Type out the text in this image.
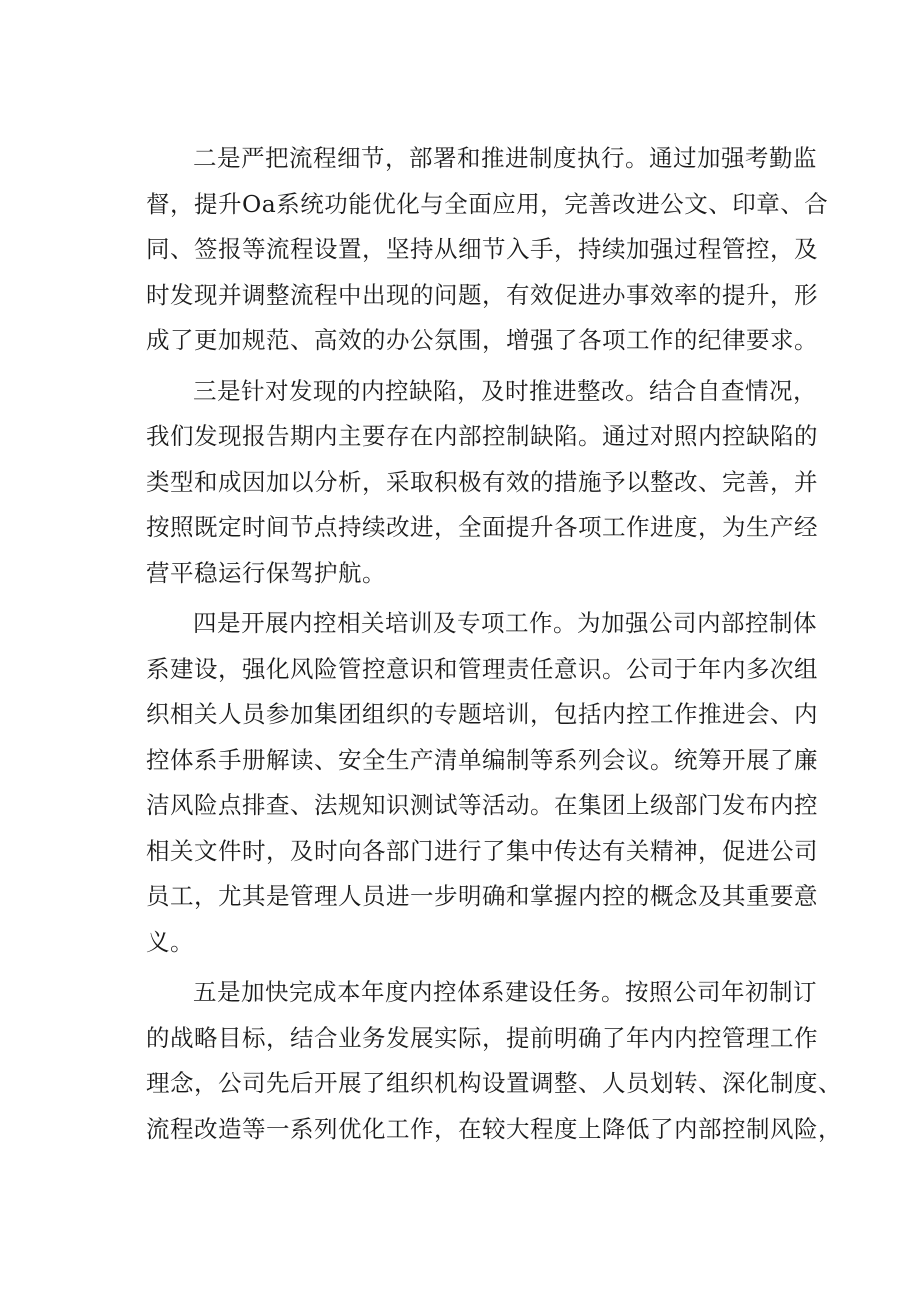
二是严把流程细节，部署和推进制度执行。通过加强考勤监
督，提升Oa系统功能优化与全面应用，完善改进公文、印章、合
同、签报等流程设置，坚持从细节入手，持续加强过程管控，及
时发现并调整流程中出现的问题，有效促进办事效率的提升，形
成了更加规范、高效的办公氛围，增强了各项工作的纪律要求。
三是针对发现的内控缺陷，及时推进整改。结合自查情况，
我们发现报告期内主要存在内部控制缺陷。通过对照内控缺陷的
类型和成因加以分析，采取积极有效的措施予以整改、完善，并
按照既定时间节点持续改进，全面提升各项工作进度，为生产经
营平稳运行保驾护航。
四是开展内控相关培训及专项工作。为加强公司内部控制体
系建设，强化风险管控意识和管理责任意识。公司于年内多次组
织相关人员参加集团组织的专题培训，包括内控工作推进会、内
控体系手册解读、安全生产清单编制等系列会议。统筹开展了廉
洁风险点排查、法规知识测试等活动。在集团上级部门发布内控
相关文件时，及时向各部门进行了集中传达有关精神，促进公司
员工，尤其是管理人员进一步明确和掌握内控的概念及其重要意
义。
五是加快完成本年度内控体系建设任务。按照公司年初制订
的战略目标，结合业务发展实际，提前明确了年内内控管理工作
理念，公司先后开展了组织机构设置调整、人员划转、深化制度、
流程改造等一系列优化工作，在较大程度上降低了内部控制风险，
